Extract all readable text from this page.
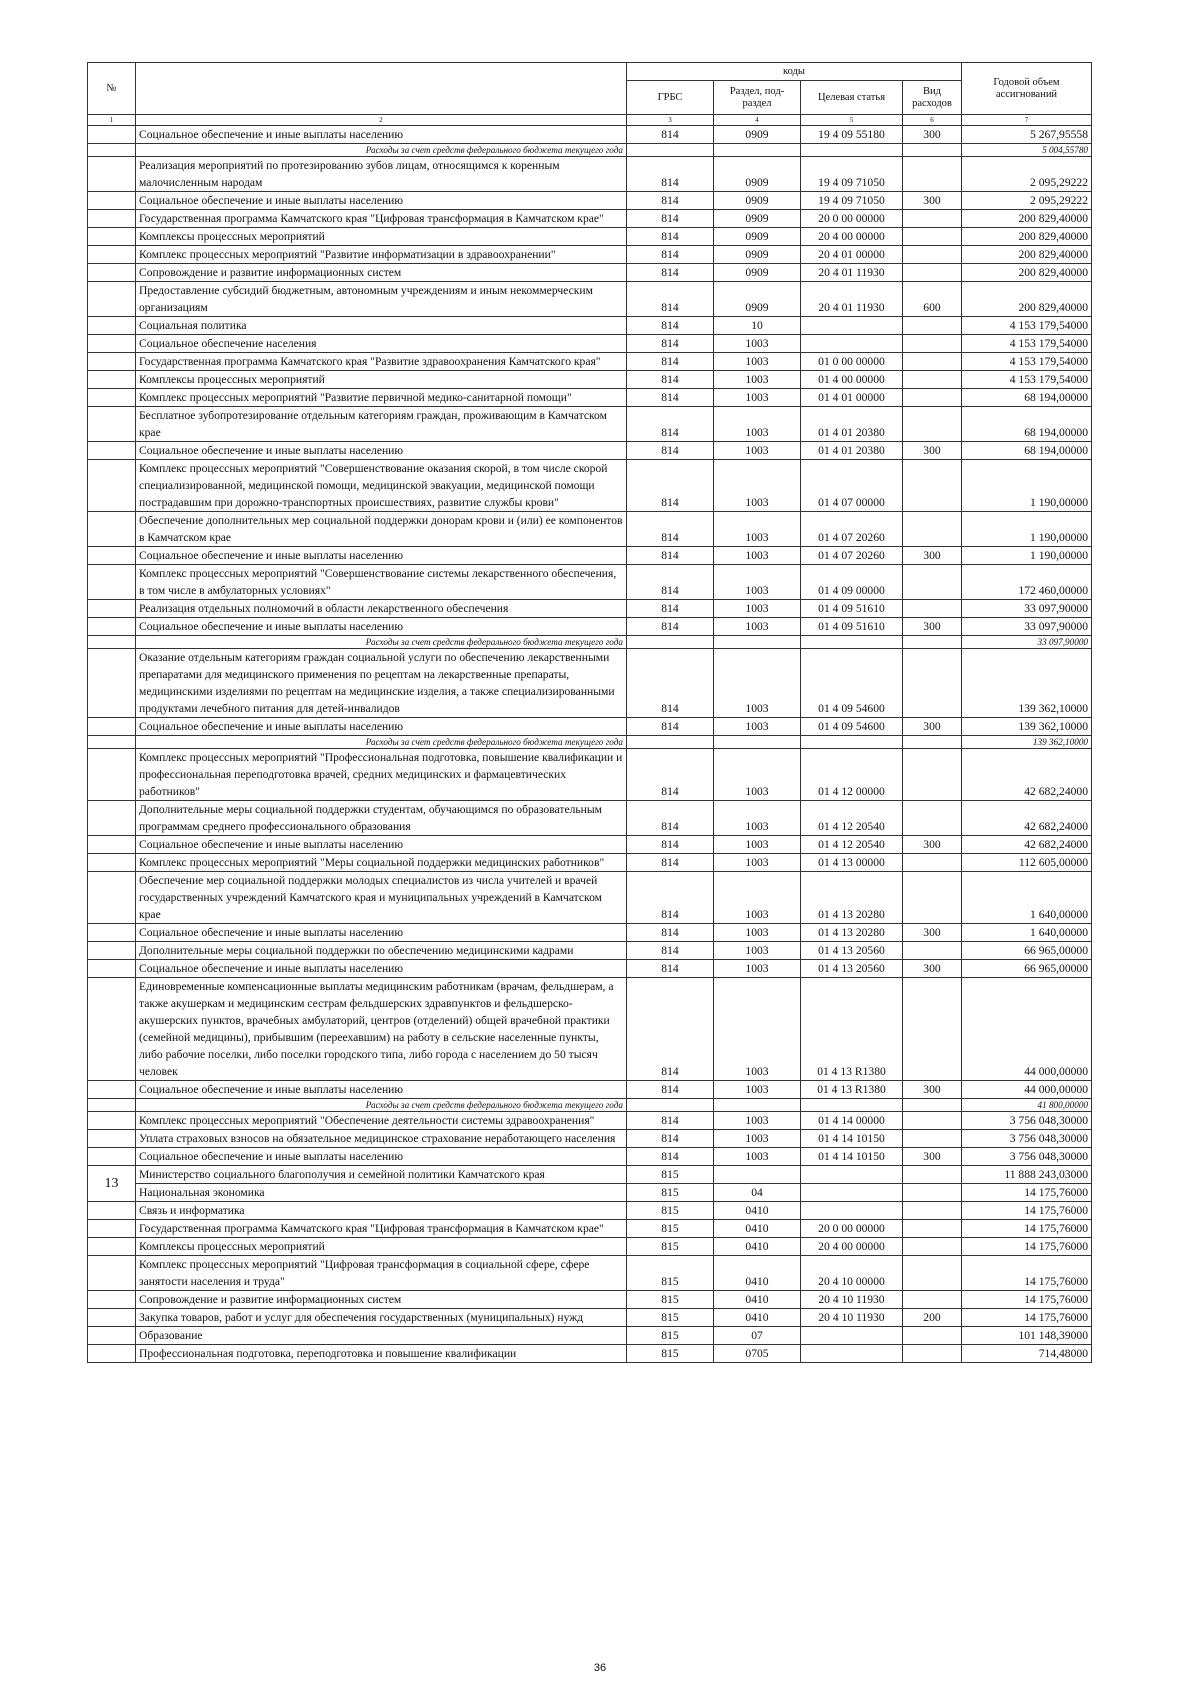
№		коды				Годовой объем ассигнований
		ГРБС	Раздел, под-раздел	Целевая статья	Вид расходов	
1	2	3	4	5	6	7
	Социальное обеспечение и иные выплаты населению	814	0909	19 4 09 55180	300	5 267,95558
	Расходы за счет средств федерального бюджета текущего года					5 004,55780
	Реализация мероприятий по протезированию зубов лицам, относящимся к коренным малочисленным народам	814	0909	19 4 09 71050		2 095,29222
	Социальное обеспечение и иные выплаты населению	814	0909	19 4 09 71050	300	2 095,29222
	Государственная программа Камчатского края "Цифровая трансформация в Камчатском крае"	814	0909	20 0 00 00000		200 829,40000
	Комплексы процессных мероприятий	814	0909	20 4 00 00000		200 829,40000
	Комплекс процессных мероприятий "Развитие информатизации в здравоохранении"	814	0909	20 4 01 00000		200 829,40000
	Сопровождение и развитие информационных систем	814	0909	20 4 01 11930		200 829,40000
	Предоставление субсидий бюджетным, автономным учреждениям и иным некоммерческим организациям	814	0909	20 4 01 11930	600	200 829,40000
	Социальная политика	814	10			4 153 179,54000
	Социальное обеспечение населения	814	1003			4 153 179,54000
	Государственная программа Камчатского края "Развитие здравоохранения Камчатского края"	814	1003	01 0 00 00000		4 153 179,54000
	Комплексы процессных мероприятий	814	1003	01 4 00 00000		4 153 179,54000
	Комплекс процессных мероприятий "Развитие первичной медико-санитарной помощи"	814	1003	01 4 01 00000		68 194,00000
	Бесплатное зубопротезирование отдельным категориям граждан, проживающим в Камчатском крае	814	1003	01 4 01 20380		68 194,00000
	Социальное обеспечение и иные выплаты населению	814	1003	01 4 01 20380	300	68 194,00000
	Комплекс процессных мероприятий "Совершенствование оказания скорой, в том числе скорой специализированной, медицинской помощи, медицинской эвакуации, медицинской помощи пострадавшим при дорожно-транспортных происшествиях, развитие службы крови"	814	1003	01 4 07 00000		1 190,00000
	Обеспечение дополнительных мер социальной поддержки донорам крови и (или) ее компонентов в Камчатском крае	814	1003	01 4 07 20260		1 190,00000
	Социальное обеспечение и иные выплаты населению	814	1003	01 4 07 20260	300	1 190,00000
	Комплекс процессных мероприятий "Совершенствование системы лекарственного обеспечения, в том числе в амбулаторных условиях"	814	1003	01 4 09 00000		172 460,00000
	Реализация отдельных полномочий в области лекарственного обеспечения	814	1003	01 4 09 51610		33 097,90000
	Социальное обеспечение и иные выплаты населению	814	1003	01 4 09 51610	300	33 097,90000
	Расходы за счет средств федерального бюджета текущего года					33 097,90000
	Оказание отдельным категориям граждан социальной услуги по обеспечению лекарственными препаратами для медицинского применения по рецептам на лекарственные препараты, медицинскими изделиями по рецептам на медицинские изделия, а также специализированными продуктами лечебного питания для детей-инвалидов	814	1003	01 4 09 54600		139 362,10000
	Социальное обеспечение и иные выплаты населению	814	1003	01 4 09 54600	300	139 362,10000
	Расходы за счет средств федерального бюджета текущего года					139 362,10000
	Комплекс процессных мероприятий "Профессиональная подготовка, повышение квалификации и профессиональная переподготовка врачей, средних медицинских и фармацевтических работников"	814	1003	01 4 12 00000		42 682,24000
	Дополнительные меры социальной поддержки студентам, обучающимся по образовательным программам среднего профессионального образования	814	1003	01 4 12 20540		42 682,24000
	Социальное обеспечение и иные выплаты населению	814	1003	01 4 12 20540	300	42 682,24000
	Комплекс процессных мероприятий "Меры социальной поддержки медицинских работников"	814	1003	01 4 13 00000		112 605,00000
	Обеспечение мер социальной поддержки молодых специалистов из числа учителей и врачей государственных учреждений Камчатского края и муниципальных учреждений в Камчатском крае	814	1003	01 4 13 20280		1 640,00000
	Социальное обеспечение и иные выплаты населению	814	1003	01 4 13 20280	300	1 640,00000
	Дополнительные меры социальной поддержки по обеспечению медицинскими кадрами	814	1003	01 4 13 20560		66 965,00000
	Социальное обеспечение и иные выплаты населению	814	1003	01 4 13 20560	300	66 965,00000
	Единовременные компенсационные выплаты медицинским работникам (врачам, фельдшерам, а также акушеркам и медицинским сестрам фельдшерских здравпунктов и фельдшерско-акушерских пунктов, врачебных амбулаторий, центров (отделений) общей врачебной практики (семейной медицины), прибывшим (переехавшим) на работу в сельские населенные пункты, либо рабочие поселки, либо поселки городского типа, либо города с населением до 50 тысяч человек	814	1003	01 4 13 R1380		44 000,00000
	Социальное обеспечение и иные выплаты населению	814	1003	01 4 13 R1380	300	44 000,00000
	Расходы за счет средств федерального бюджета текущего года					41 800,00000
	Комплекс процессных мероприятий "Обеспечение деятельности системы здравоохранения"	814	1003	01 4 14 00000		3 756 048,30000
	Уплата страховых взносов на обязательное медицинское страхование неработающего населения	814	1003	01 4 14 10150		3 756 048,30000
	Социальное обеспечение и иные выплаты населению	814	1003	01 4 14 10150	300	3 756 048,30000
13	Министерство социального благополучия и семейной политики Камчатского края	815				11 888 243,03000
	Национальная экономика	815	04			14 175,76000
	Связь и информатика	815	0410			14 175,76000
	Государственная программа Камчатского края "Цифровая трансформация в Камчатском крае"	815	0410	20 0 00 00000		14 175,76000
	Комплексы процессных мероприятий	815	0410	20 4 00 00000		14 175,76000
	Комплекс процессных мероприятий "Цифровая трансформация в социальной сфере, сфере занятости населения и труда"	815	0410	20 4 10 00000		14 175,76000
	Сопровождение и развитие информационных систем	815	0410	20 4 10 11930		14 175,76000
	Закупка товаров, работ и услуг для обеспечения государственных (муниципальных) нужд	815	0410	20 4 10 11930	200	14 175,76000
	Образование	815	07			101 148,39000
	Профессиональная подготовка, переподготовка и повышение квалификации	815	0705			714,48000
36
